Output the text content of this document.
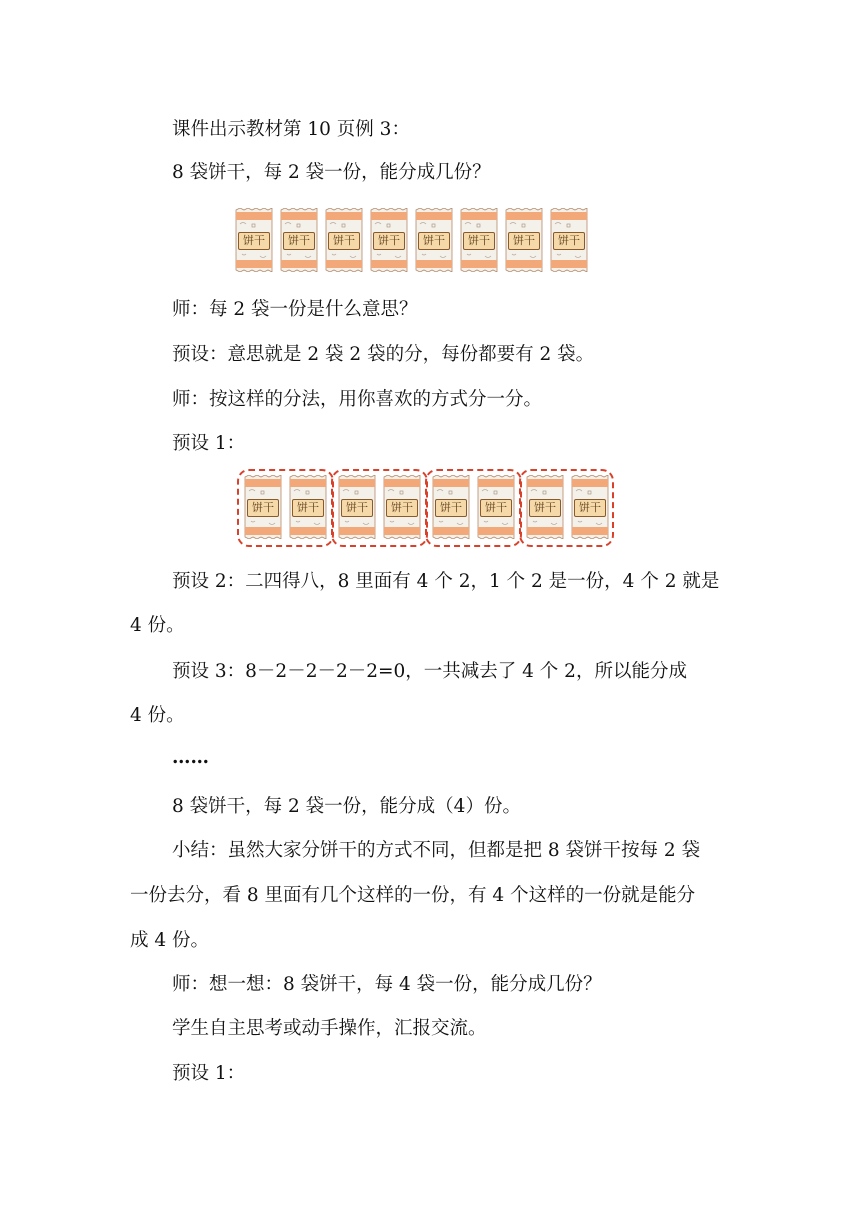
课件出示教材第 10 页例 3：
8 袋饼干，每 2 袋一份，能分成几份？
饼干	饼干	饼干	饼干	饼干	饼干	饼干	饼干
师：每 2 袋一份是什么意思？
预设：意思就是 2 袋 2 袋的分，每份都要有 2 袋。
师：按这样的分法，用你喜欢的方式分一分。
预设 1：
饼干	饼干	饼干	饼干	饼干	饼干	饼干	饼干
预设 2：二四得八，8 里面有 4 个 2，1 个 2 是一份，4 个 2 就是
4 份。
预设 3：8－2－2－2－2=0，一共减去了 4 个 2，所以能分成
4 份。
……
8 袋饼干，每 2 袋一份，能分成（4）份。
小结：虽然大家分饼干的方式不同，但都是把 8 袋饼干按每 2 袋
一份去分，看 8 里面有几个这样的一份，有 4 个这样的一份就是能分
成 4 份。
师：想一想：8 袋饼干，每 4 袋一份，能分成几份？
学生自主思考或动手操作，汇报交流。
预设 1：
